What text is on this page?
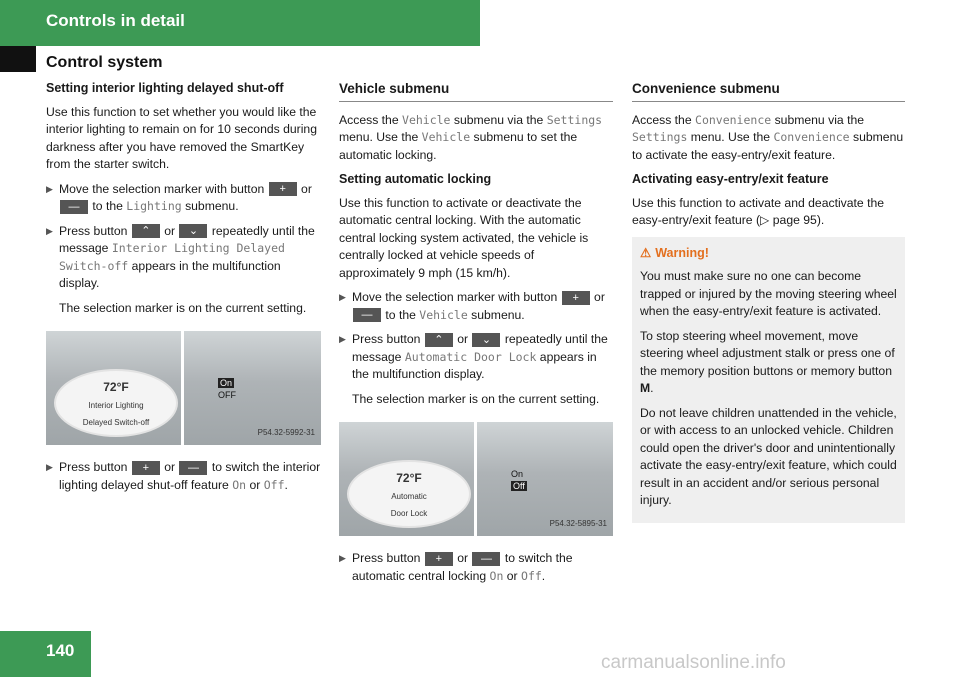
Controls in detail
Control system
Setting interior lighting delayed shut-off

Use this function to set whether you would like the interior lighting to remain on for 10 seconds during darkness after you have removed the SmartKey from the starter switch.

▶ Move the selection marker with button + or — to the Lighting submenu.
▶ Press button ⌃ or ⌄ repeatedly until the message Interior Lighting Delayed Switch-off appears in the multifunction display.
The selection marker is on the current setting.
72°F
Interior Lighting
Delayed Switch-off
On
OFF
P54.32-5992-31
▶ Press button + or — to switch the interior lighting delayed shut-off feature On or Off.
Vehicle submenu

Access the Vehicle submenu via the Settings menu. Use the Vehicle submenu to set the automatic locking.

Setting automatic locking

Use this function to activate or deactivate the automatic central locking. With the automatic central locking system activated, the vehicle is centrally locked at vehicle speeds of approximately 9 mph (15 km/h).

▶ Move the selection marker with button + or — to the Vehicle submenu.
▶ Press button ⌃ or ⌄ repeatedly until the message Automatic Door Lock appears in the multifunction display.
The selection marker is on the current setting.
72°F
Automatic
Door Lock
On
Off
P54.32-5895-31
▶ Press button + or — to switch the automatic central locking On or Off.
Convenience submenu

Access the Convenience submenu via the Settings menu. Use the Convenience submenu to activate the easy-entry/exit feature.

Activating easy-entry/exit feature

Use this function to activate and deactivate the easy-entry/exit feature (▷ page 95).

⚠ Warning!

You must make sure no one can become trapped or injured by the moving steering wheel when the easy-entry/exit feature is activated.

To stop steering wheel movement, move steering wheel adjustment stalk or press one of the memory position buttons or memory button M.

Do not leave children unattended in the vehicle, or with access to an unlocked vehicle. Children could open the driver's door and unintentionally activate the easy-entry/exit feature, which could result in an accident and/or serious personal injury.

140
carmanualsonline.info
